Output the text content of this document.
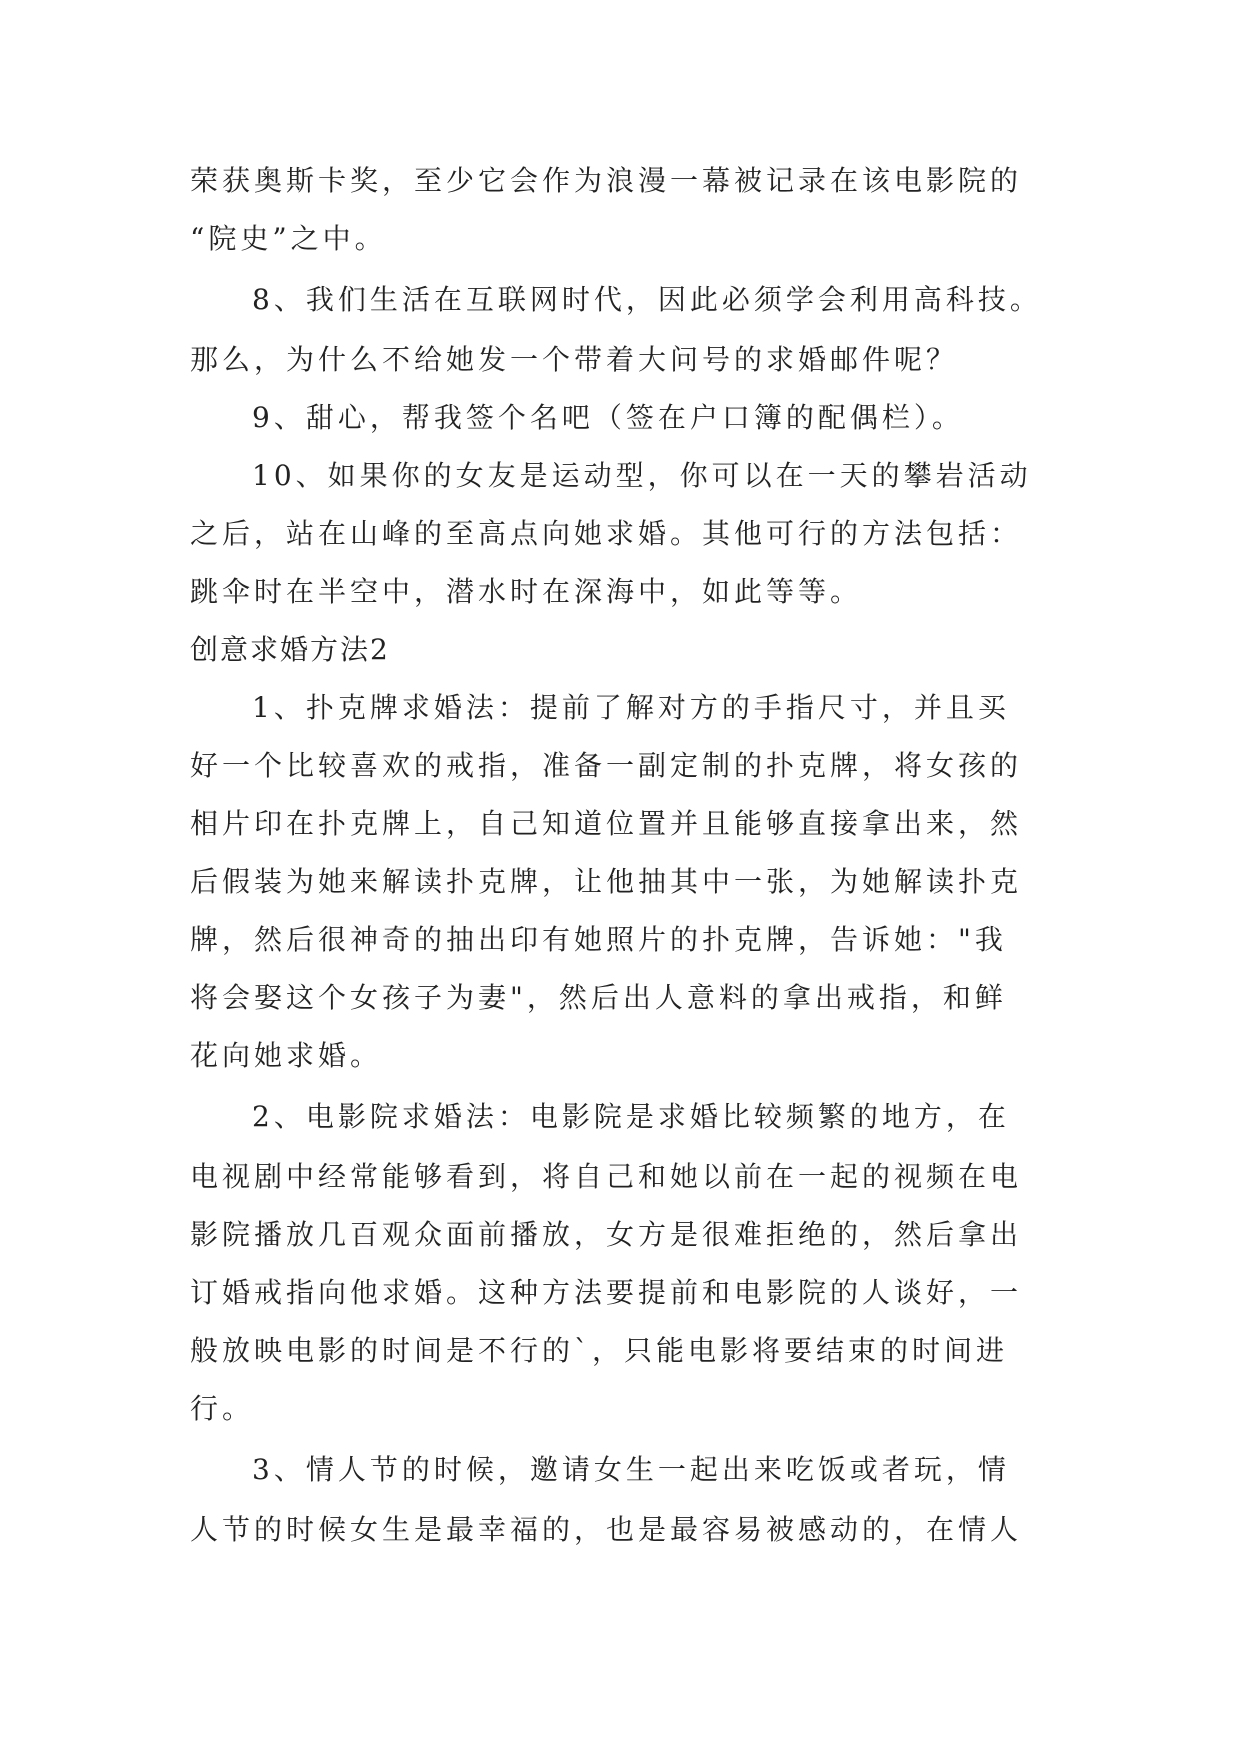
荣获奥斯卡奖，至少它会作为浪漫一幕被记录在该电影院的
“院史”之中。
8、我们生活在互联网时代，因此必须学会利用高科技。
那么，为什么不给她发一个带着大问号的求婚邮件呢？
9、甜心，帮我签个名吧（签在户口簿的配偶栏）。
10、如果你的女友是运动型，你可以在一天的攀岩活动
之后，站在山峰的至高点向她求婚。其他可行的方法包括：
跳伞时在半空中，潜水时在深海中，如此等等。
创意求婚方法2
1、扑克牌求婚法：提前了解对方的手指尺寸，并且买
好一个比较喜欢的戒指，准备一副定制的扑克牌，将女孩的
相片印在扑克牌上，自己知道位置并且能够直接拿出来，然
后假装为她来解读扑克牌，让他抽其中一张，为她解读扑克
牌，然后很神奇的抽出印有她照片的扑克牌，告诉她："我
将会娶这个女孩子为妻"，然后出人意料的拿出戒指，和鲜
花向她求婚。
2、电影院求婚法：电影院是求婚比较频繁的地方，在
电视剧中经常能够看到，将自己和她以前在一起的视频在电
影院播放几百观众面前播放，女方是很难拒绝的，然后拿出
订婚戒指向他求婚。这种方法要提前和电影院的人谈好，一
般放映电影的时间是不行的`，只能电影将要结束的时间进
行。
3、情人节的时候，邀请女生一起出来吃饭或者玩，情
人节的时候女生是最幸福的，也是最容易被感动的，在情人
